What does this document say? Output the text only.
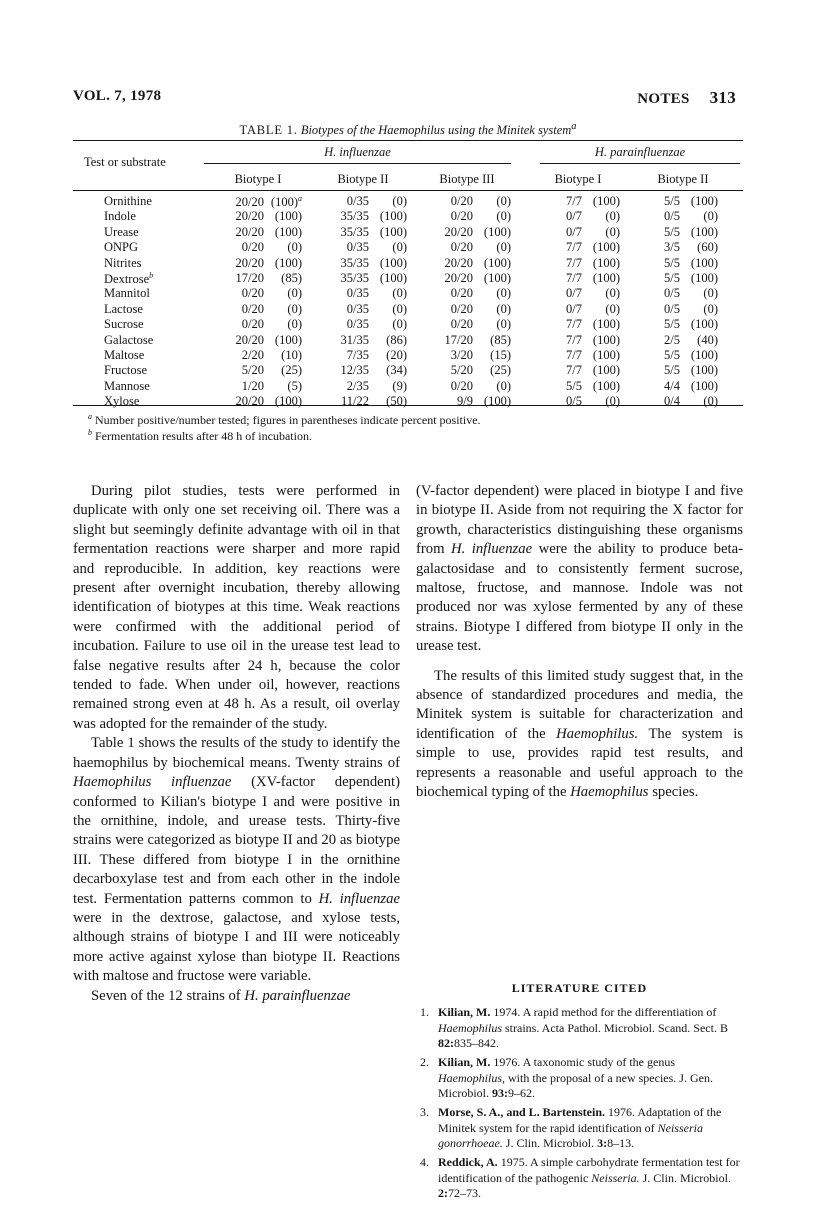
VOL. 7, 1978	NOTES 313
TABLE 1. Biotypes of the Haemophilus using the Minitek system$^a$
Test or substrate
H. influenzae	H. parainfluenzae
Biotype I	Biotype II	Biotype III	Biotype I	Biotype II
Ornithine	20/20 $(100)^a$	0/35 (0)	0/20 (0)	7/7 (100)	5/5 (100)
Indole	20/20 (100)	35/35 (100)	0/20 (0)	0/7 (0)	0/5 (0)
Urease	20/20 (100)	35/35 (100)	20/20 (100)	0/7 (0)	5/5 (100)
ONPG	0/20 (0)	0/35 (0)	0/20 (0)	7/7 (100)	3/5 (60)
Nitrites	20/20 (100)	35/35 (100)	20/20 (100)	7/7 (100)	5/5 (100)
Dextrose$^b$	17/20 (85)	35/35 (100)	20/20 (100)	7/7 (100)	5/5 (100)
Mannitol	0/20 (0)	0/35 (0)	0/20 (0)	0/7 (0)	0/5 (0)
Lactose	0/20 (0)	0/35 (0)	0/20 (0)	0/7 (0)	0/5 (0)
Sucrose	0/20 (0)	0/35 (0)	0/20 (0)	7/7 (100)	5/5 (100)
Galactose	20/20 (100)	31/35 (86)	17/20 (85)	7/7 (100)	2/5 (40)
Maltose	2/20 (10)	7/35 (20)	3/20 (15)	7/7 (100)	5/5 (100)
Fructose	5/20 (25)	12/35 (34)	5/20 (25)	7/7 (100)	5/5 (100)
Mannose	1/20 (5)	2/35 (9)	0/20 (0)	5/5 (100)	4/4 (100)
Xylose	20/20 (100)	11/22 (50)	9/9 (100)	0/5 (0)	0/4 (0)
$^a$ Number positive/number tested; figures in parentheses indicate percent positive.
$^b$ Fermentation results after 48 h of incubation.

During pilot studies, tests were performed in duplicate with only one set receiving oil. There was a slight but seemingly definite advantage with oil in that fermentation reactions were sharper and more rapid and reproducible. In addition, key reactions were present after overnight incubation, thereby allowing identification of biotypes at this time. Weak reactions were confirmed with the additional period of incubation. Failure to use oil in the urease test lead to false negative results after 24 h, because the color tended to fade. When under oil, however, reactions remained strong even at 48 h. As a result, oil overlay was adopted for the remainder of the study.

Table 1 shows the results of the study to identify the haemophilus by biochemical means. Twenty strains of Haemophilus influenzae (XV-factor dependent) conformed to Kilian's biotype I and were positive in the ornithine, indole, and urease tests. Thirty-five strains were categorized as biotype II and 20 as biotype III. These differed from biotype I in the ornithine decarboxylase test and from each other in the indole test. Fermentation patterns common to H. influenzae were in the dextrose, galactose, and xylose tests, although strains of biotype I and III were noticeably more active against xylose than biotype II. Reactions with maltose and fructose were variable.

Seven of the 12 strains of H. parainfluenzae

(V-factor dependent) were placed in biotype I and five in biotype II. Aside from not requiring the X factor for growth, characteristics distinguishing these organisms from H. influenzae were the ability to produce beta-galactosidase and to consistently ferment sucrose, maltose, fructose, and mannose. Indole was not produced nor was xylose fermented by any of these strains. Biotype I differed from biotype II only in the urease test.

The results of this limited study suggest that, in the absence of standardized procedures and media, the Minitek system is suitable for characterization and identification of the Haemophilus. The system is simple to use, provides rapid test results, and represents a reasonable and useful approach to the biochemical typing of the Haemophilus species.

LITERATURE CITED
1. Kilian, M. 1974. A rapid method for the differentiation of Haemophilus strains. Acta Pathol. Microbiol. Scand. Sect. B 82:835–842.
2. Kilian, M. 1976. A taxonomic study of the genus Haemophilus, with the proposal of a new species. J. Gen. Microbiol. 93:9–62.
3. Morse, S. A., and L. Bartenstein. 1976. Adaptation of the Minitek system for the rapid identification of Neisseria gonorrhoeae. J. Clin. Microbiol. 3:8–13.
4. Reddick, A. 1975. A simple carbohydrate fermentation test for identification of the pathogenic Neisseria. J. Clin. Microbiol. 2:72–73.
